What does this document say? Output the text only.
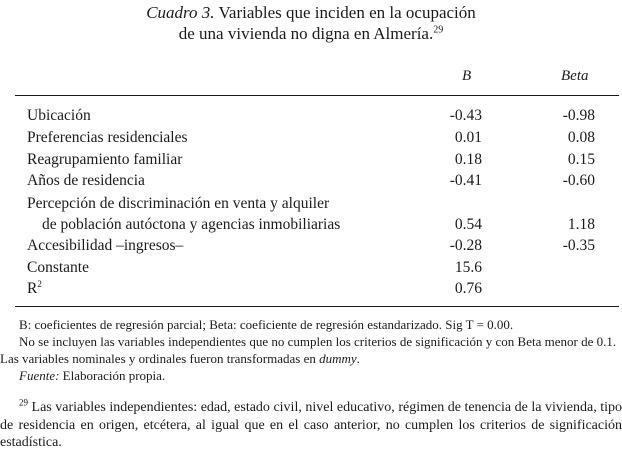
Cuadro 3. Variables que inciden en la ocupación
de una vivienda no digna en Almería.$^{29}$
B	Beta
Ubicación	-0.43	-0.98
Preferencias residenciales	0.01	0.08
Reagrupamiento familiar	0.18	0.15
Años de residencia	-0.41	-0.60
Percepción de discriminación en venta y alquiler
de población autóctona y agencias inmobiliarias	0.54	1.18
Accesibilidad –ingresos–	-0.28	-0.35
Constante	15.6
$R^2$	0.76

B: coeficientes de regresión parcial; Beta: coeficiente de regresión estandarizado. Sig T = 0.00.

No se incluyen las variables independientes que no cumplen los criterios de significación y con Beta menor de 0.1. Las variables nominales y ordinales fueron transformadas en dummy.

Fuente: Elaboración propia.

$^{29}$ Las variables independientes: edad, estado civil, nivel educativo, régimen de tenencia de la vivienda, tipo de residencia en origen, etcétera, al igual que en el caso anterior, no cumplen los criterios de significación estadística.
